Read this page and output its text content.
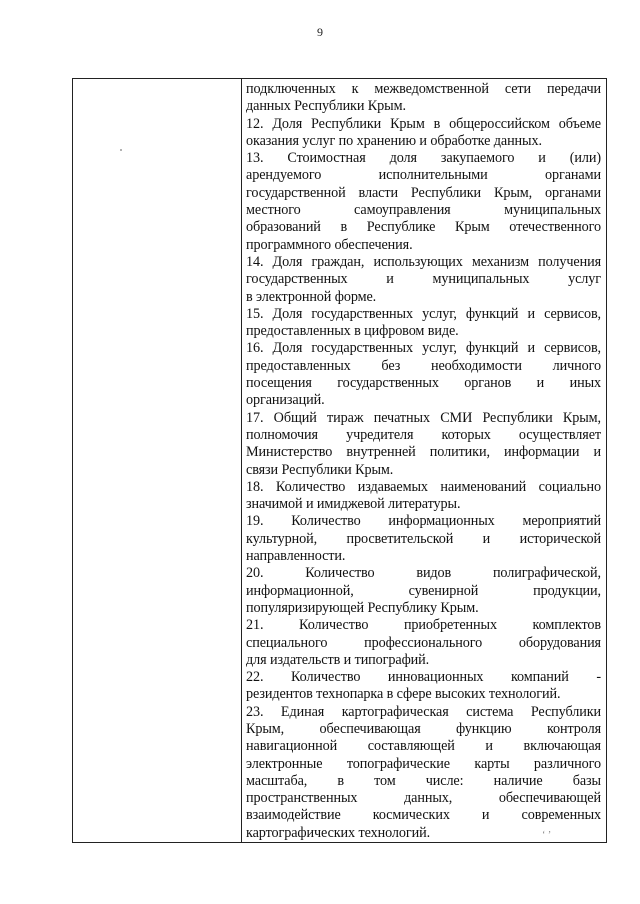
9

подключенных к межведомственной сети передачи
данных Республики Крым.

12. Доля Республики Крым в общероссийском объеме
оказания услуг по хранению и обработке данных.

13. Стоимостная доля закупаемого и (или)
арендуемого исполнительными органами
государственной власти Республики Крым, органами
местного самоуправления муниципальных
образований в Республике Крым отечественного
программного обеспечения.

14. Доля граждан, использующих механизм получения
государственных и муниципальных услуг
в электронной форме.

15. Доля государственных услуг, функций и сервисов,
предоставленных в цифровом виде.

16. Доля государственных услуг, функций и сервисов,
предоставленных без необходимости личного
посещения государственных органов и иных
организаций.

17. Общий тираж печатных СМИ Республики Крым,
полномочия учредителя которых осуществляет
Министерство внутренней политики, информации и
связи Республики Крым.

18. Количество издаваемых наименований социально
значимой и имиджевой литературы.

19. Количество информационных мероприятий
культурной, просветительской и исторической
направленности.

20. Количество видов полиграфической,
информационной, сувенирной продукции,
популяризирующей Республику Крым.

21. Количество приобретенных комплектов
специального профессионального оборудования
для издательств и типографий.

22. Количество инновационных компаний -
резидентов технопарка в сфере высоких технологий.

23. Единая картографическая система Республики
Крым, обеспечивающая функцию контроля
навигационной составляющей и включающая
электронные топографические карты различного
масштаба, в том числе: наличие базы
пространственных данных, обеспечивающей
взаимодействие космических и современных
картографических технологий.	‘ ’
